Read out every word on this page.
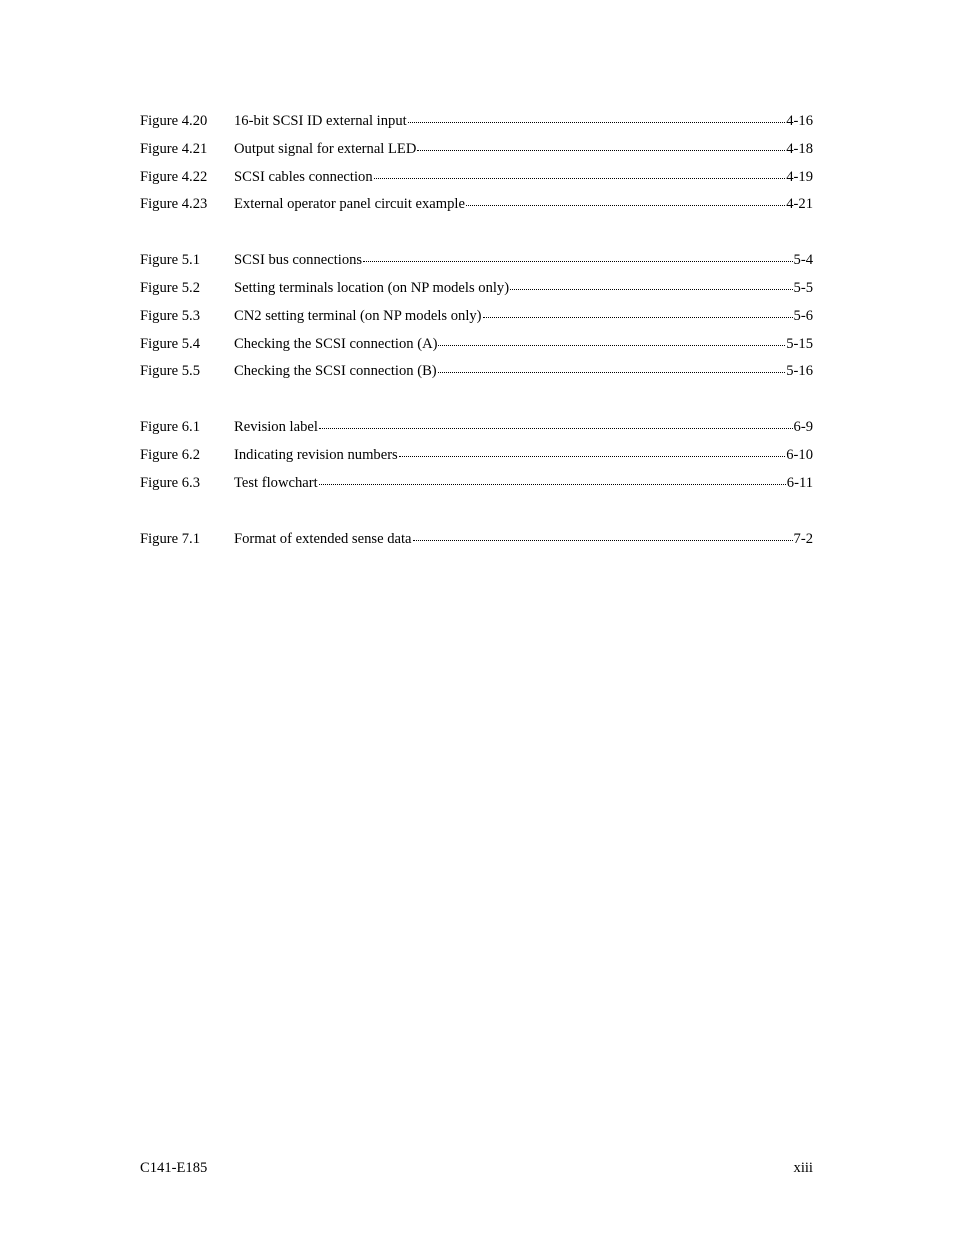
Figure 4.20	16-bit SCSI ID external input	4-16
Figure 4.21	Output signal for external LED	4-18
Figure 4.22	SCSI cables connection	4-19
Figure 4.23	External operator panel circuit example	4-21
Figure 5.1	SCSI bus connections	5-4
Figure 5.2	Setting terminals location (on NP models only)	5-5
Figure 5.3	CN2 setting terminal (on NP models only)	5-6
Figure 5.4	Checking the SCSI connection (A)	5-15
Figure 5.5	Checking the SCSI connection (B)	5-16
Figure 6.1	Revision label	6-9
Figure 6.2	Indicating revision numbers	6-10
Figure 6.3	Test flowchart	6-11
Figure 7.1	Format of extended sense data	7-2
C141-E185	xiii
